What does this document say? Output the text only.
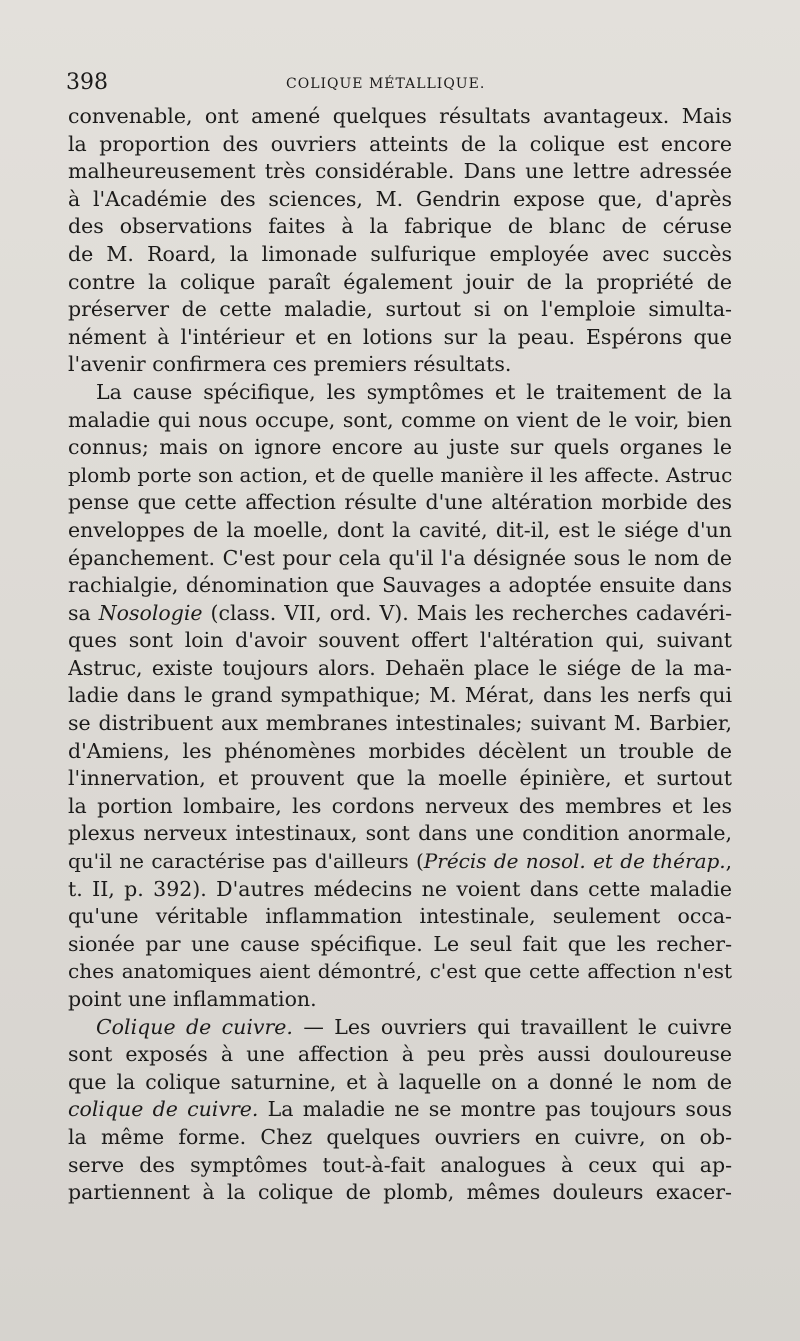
398	COLIQUE MÉTALLIQUE.
convenable, ont amené quelques résultats avantageux. Mais
la proportion des ouvriers atteints de la colique est encore
malheureusement très considérable. Dans une lettre adressée
à l'Académie des sciences, M. Gendrin expose que, d'après
des observations faites à la fabrique de blanc de céruse
de M. Roard, la limonade sulfurique employée avec succès
contre la colique paraît également jouir de la propriété de
préserver de cette maladie, surtout si on l'emploie simulta-
nément à l'intérieur et en lotions sur la peau. Espérons que
l'avenir confirmera ces premiers résultats.
La cause spécifique, les symptômes et le traitement de la
maladie qui nous occupe, sont, comme on vient de le voir, bien
connus; mais on ignore encore au juste sur quels organes le
plomb porte son action, et de quelle manière il les affecte. Astruc
pense que cette affection résulte d'une altération morbide des
enveloppes de la moelle, dont la cavité, dit-il, est le siége d'un
épanchement. C'est pour cela qu'il l'a désignée sous le nom de
rachialgie, dénomination que Sauvages a adoptée ensuite dans
sa Nosologie (class. VII, ord. V). Mais les recherches cadavéri-
ques sont loin d'avoir souvent offert l'altération qui, suivant
Astruc, existe toujours alors. Dehaën place le siége de la ma-
ladie dans le grand sympathique; M. Mérat, dans les nerfs qui
se distribuent aux membranes intestinales; suivant M. Barbier,
d'Amiens, les phénomènes morbides décèlent un trouble de
l'innervation, et prouvent que la moelle épinière, et surtout
la portion lombaire, les cordons nerveux des membres et les
plexus nerveux intestinaux, sont dans une condition anormale,
qu'il ne caractérise pas d'ailleurs (Précis de nosol. et de thérap.,
t. II, p. 392). D'autres médecins ne voient dans cette maladie
qu'une véritable inflammation intestinale, seulement occa-
sionée par une cause spécifique. Le seul fait que les recher-
ches anatomiques aient démontré, c'est que cette affection n'est
point une inflammation.
Colique de cuivre. — Les ouvriers qui travaillent le cuivre
sont exposés à une affection à peu près aussi douloureuse
que la colique saturnine, et à laquelle on a donné le nom de
colique de cuivre. La maladie ne se montre pas toujours sous
la même forme. Chez quelques ouvriers en cuivre, on ob-
serve des symptômes tout-à-fait analogues à ceux qui ap-
partiennent à la colique de plomb, mêmes douleurs exacer-
